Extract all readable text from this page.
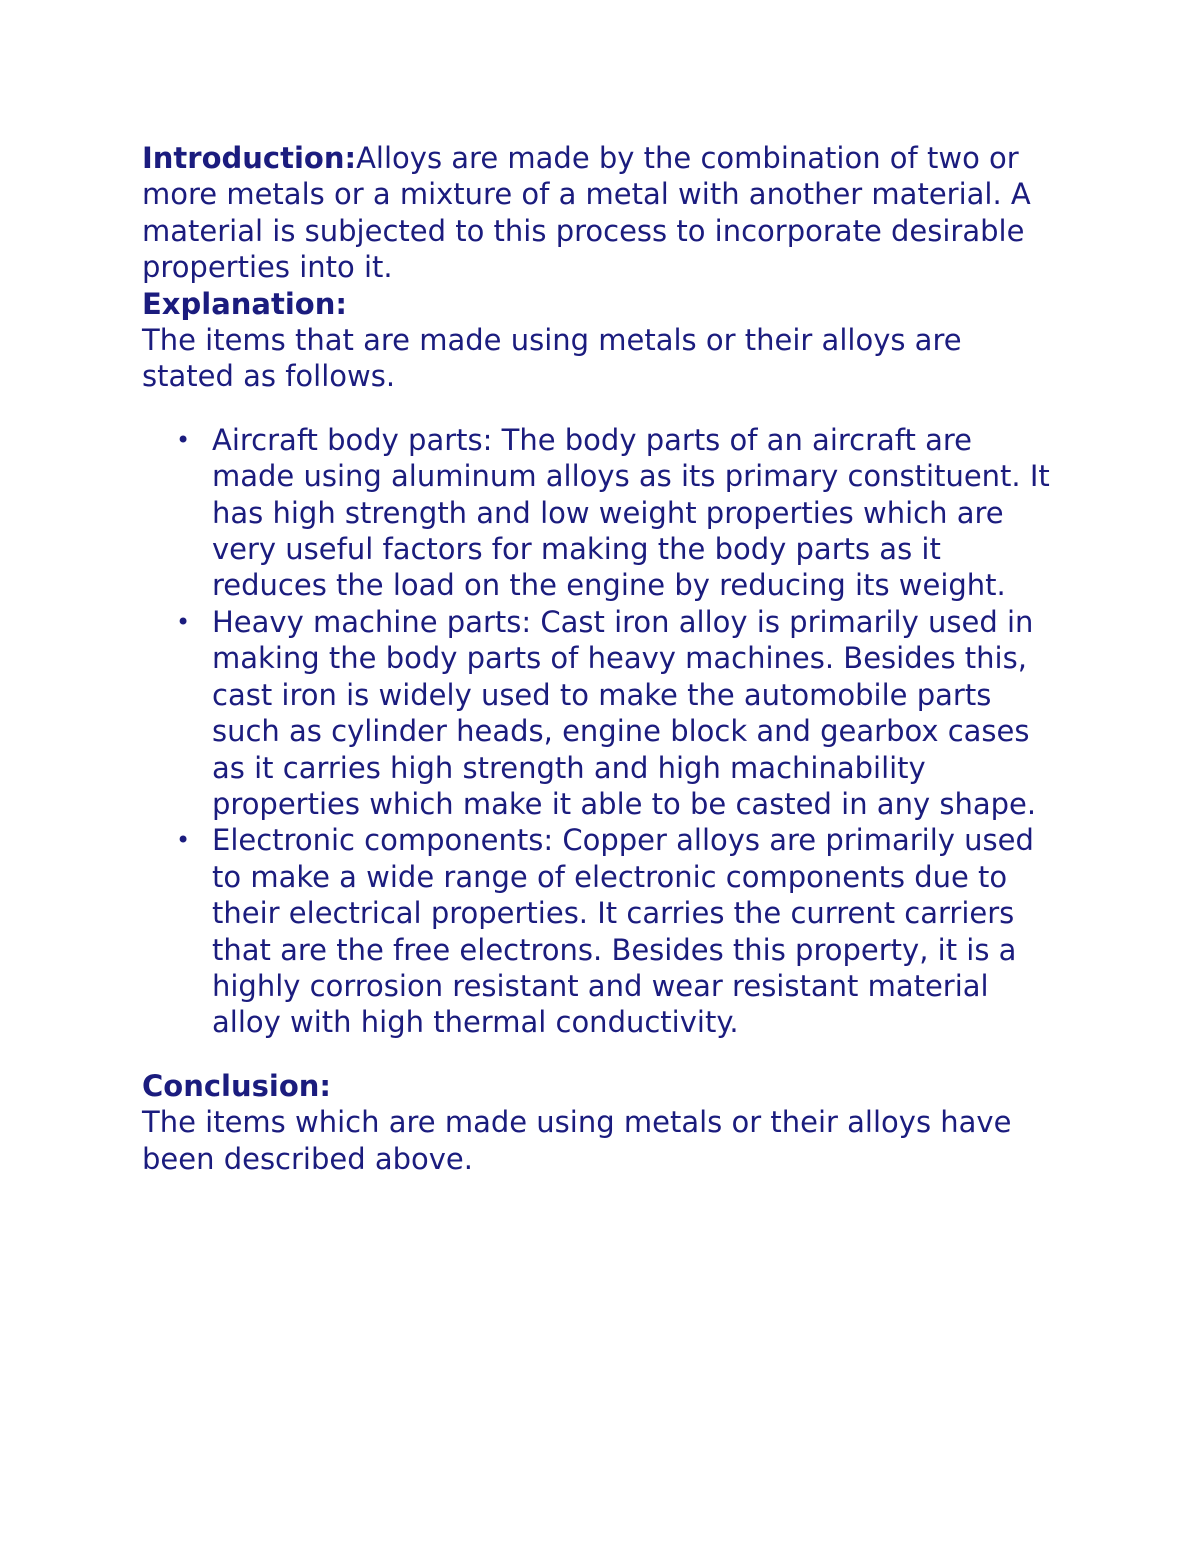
Introduction:Alloys are made by the combination of two or more metals or a mixture of a metal with another material. A material is subjected to this process to incorporate desirable properties into it.

Explanation:

The items that are made using metals or their alloys are stated as follows.

• Aircraft body parts: The body parts of an aircraft are made using aluminum alloys as its primary constituent. It has high strength and low weight properties which are very useful factors for making the body parts as it reduces the load on the engine by reducing its weight.
• Heavy machine parts: Cast iron alloy is primarily used in making the body parts of heavy machines. Besides this, cast iron is widely used to make the automobile parts such as cylinder heads, engine block and gearbox cases as it carries high strength and high machinability properties which make it able to be casted in any shape.
• Electronic components: Copper alloys are primarily used to make a wide range of electronic components due to their electrical properties. It carries the current carriers that are the free electrons. Besides this property, it is a highly corrosion resistant and wear resistant material alloy with high thermal conductivity.

Conclusion:

The items which are made using metals or their alloys have been described above.
